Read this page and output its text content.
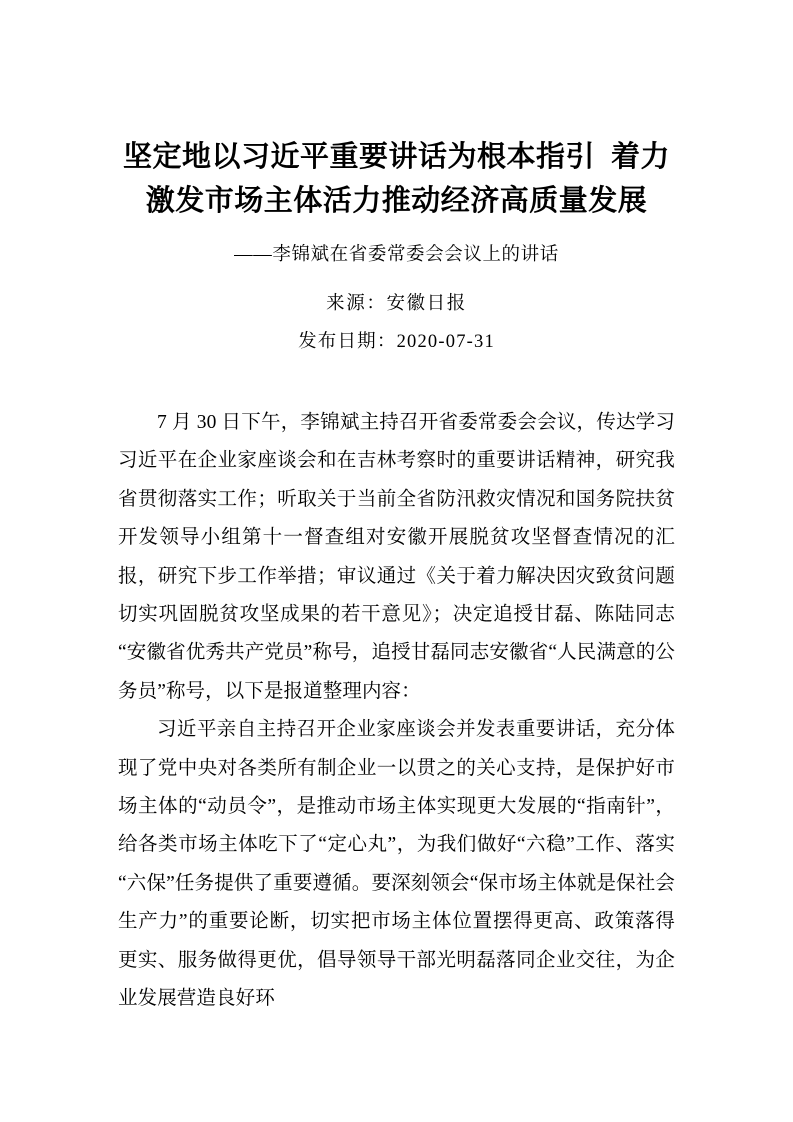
坚定地以习近平重要讲话为根本指引 着力
激发市场主体活力推动经济高质量发展

——李锦斌在省委常委会会议上的讲话

来源：安徽日报

发布日期：2020-07-31

7 月 30 日下午，李锦斌主持召开省委常委会会议，传达学习习近平在企业家座谈会和在吉林考察时的重要讲话精神，研究我省贯彻落实工作；听取关于当前全省防汛救灾情况和国务院扶贫开发领导小组第十一督查组对安徽开展脱贫攻坚督查情况的汇报，研究下步工作举措；审议通过《关于着力解决因灾致贫问题切实巩固脱贫攻坚成果的若干意见》；决定追授甘磊、陈陆同志“安徽省优秀共产党员”称号，追授甘磊同志安徽省“人民满意的公务员”称号，以下是报道整理内容：

习近平亲自主持召开企业家座谈会并发表重要讲话，充分体现了党中央对各类所有制企业一以贯之的关心支持，是保护好市场主体的“动员令”，是推动市场主体实现更大发展的“指南针”，给各类市场主体吃下了“定心丸”，为我们做好“六稳”工作、落实“六保”任务提供了重要遵循。要深刻领会“保市场主体就是保社会生产力”的重要论断，切实把市场主体位置摆得更高、政策落得更实、服务做得更优，倡导领导干部光明磊落同企业交往，为企业发展营造良好环
